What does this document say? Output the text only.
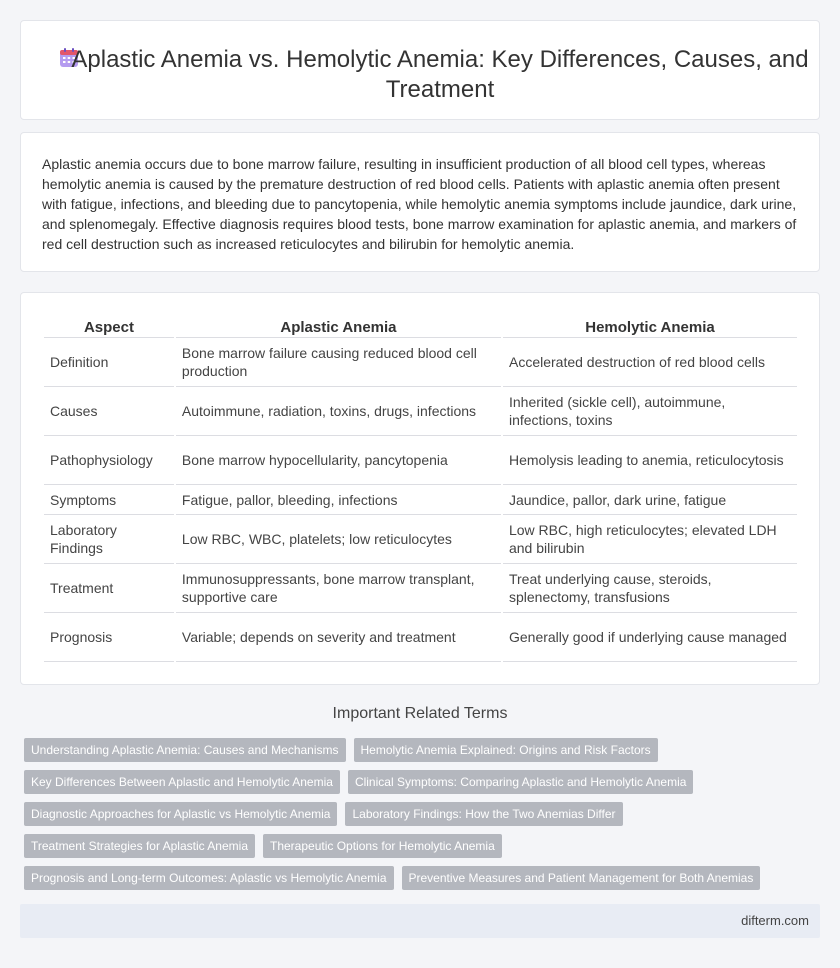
Aplastic Anemia vs. Hemolytic Anemia: Key Differences, Causes, and Treatment

Aplastic anemia occurs due to bone marrow failure, resulting in insufficient production of all blood cell types, whereas hemolytic anemia is caused by the premature destruction of red blood cells. Patients with aplastic anemia often present with fatigue, infections, and bleeding due to pancytopenia, while hemolytic anemia symptoms include jaundice, dark urine, and splenomegaly. Effective diagnosis requires blood tests, bone marrow examination for aplastic anemia, and markers of red cell destruction such as increased reticulocytes and bilirubin for hemolytic anemia.

Aspect	Aplastic Anemia	Hemolytic Anemia
Definition	Bone marrow failure causing reduced blood cell production	Accelerated destruction of red blood cells
Causes	Autoimmune, radiation, toxins, drugs, infections	Inherited (sickle cell), autoimmune, infections, toxins
Pathophysiology	Bone marrow hypocellularity, pancytopenia	Hemolysis leading to anemia, reticulocytosis
Symptoms	Fatigue, pallor, bleeding, infections	Jaundice, pallor, dark urine, fatigue
Laboratory Findings	Low RBC, WBC, platelets; low reticulocytes	Low RBC, high reticulocytes; elevated LDH and bilirubin
Treatment	Immunosuppressants, bone marrow transplant, supportive care	Treat underlying cause, steroids, splenectomy, transfusions
Prognosis	Variable; depends on severity and treatment	Generally good if underlying cause managed
Important Related Terms
Understanding Aplastic Anemia: Causes and Mechanisms	Hemolytic Anemia Explained: Origins and Risk Factors
Key Differences Between Aplastic and Hemolytic Anemia	Clinical Symptoms: Comparing Aplastic and Hemolytic Anemia
Diagnostic Approaches for Aplastic vs Hemolytic Anemia	Laboratory Findings: How the Two Anemias Differ
Treatment Strategies for Aplastic Anemia	Therapeutic Options for Hemolytic Anemia
Prognosis and Long-term Outcomes: Aplastic vs Hemolytic Anemia	Preventive Measures and Patient Management for Both Anemias
difterm.com
